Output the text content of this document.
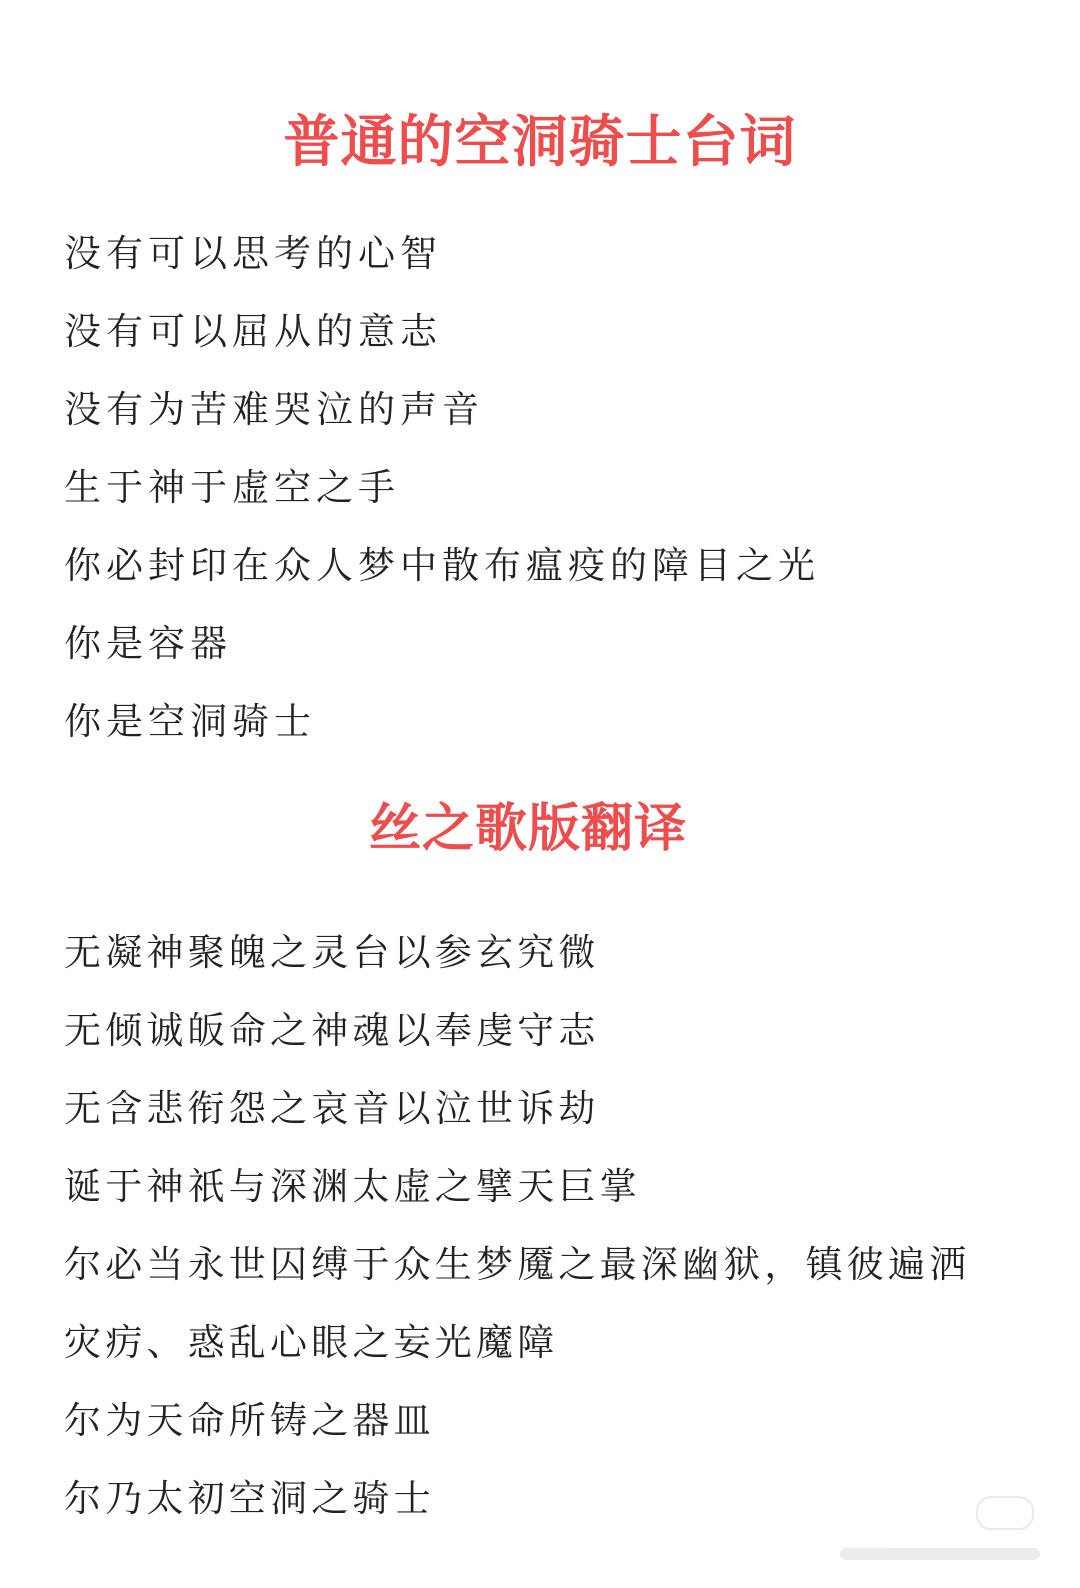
普通的空洞骑士台词
没有可以思考的心智
没有可以屈从的意志
没有为苦难哭泣的声音
生于神于虚空之手
你必封印在众人梦中散布瘟疫的障目之光
你是容器
你是空洞骑士
丝之歌版翻译
无凝神聚魄之灵台以参玄究微
无倾诚皈命之神魂以奉虔守志
无含悲衔怨之哀音以泣世诉劫
诞于神祇与深渊太虚之擘天巨掌
尔必当永世囚缚于众生梦魇之最深幽狱，镇彼遍洒
灾疠、惑乱心眼之妄光魔障
尔为天命所铸之器皿
尔乃太初空洞之骑士
